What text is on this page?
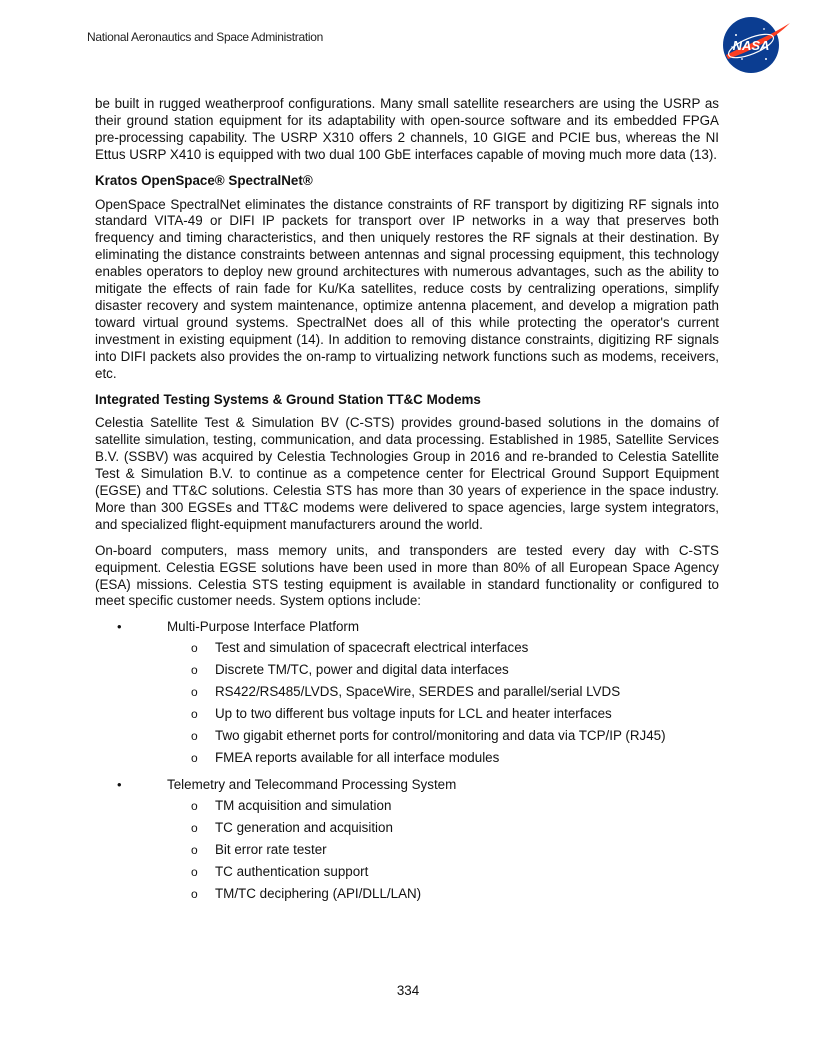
National Aeronautics and Space Administration
NASA

be built in rugged weatherproof configurations. Many small satellite researchers are using the USRP as their ground station equipment for its adaptability with open-source software and its embedded FPGA pre-processing capability. The USRP X310 offers 2 channels, 10 GIGE and PCIE bus, whereas the NI Ettus USRP X410 is equipped with two dual 100 GbE interfaces capable of moving much more data (13).

Kratos OpenSpace® SpectralNet®

OpenSpace SpectralNet eliminates the distance constraints of RF transport by digitizing RF signals into standard VITA-49 or DIFI IP packets for transport over IP networks in a way that preserves both frequency and timing characteristics, and then uniquely restores the RF signals at their destination. By eliminating the distance constraints between antennas and signal processing equipment, this technology enables operators to deploy new ground architectures with numerous advantages, such as the ability to mitigate the effects of rain fade for Ku/Ka satellites, reduce costs by centralizing operations, simplify disaster recovery and system maintenance, optimize antenna placement, and develop a migration path toward virtual ground systems. SpectralNet does all of this while protecting the operator's current investment in existing equipment (14). In addition to removing distance constraints, digitizing RF signals into DIFI packets also provides the on-ramp to virtualizing network functions such as modems, receivers, etc.

Integrated Testing Systems & Ground Station TT&C Modems

Celestia Satellite Test & Simulation BV (C-STS) provides ground-based solutions in the domains of satellite simulation, testing, communication, and data processing. Established in 1985, Satellite Services B.V. (SSBV) was acquired by Celestia Technologies Group in 2016 and re-branded to Celestia Satellite Test & Simulation B.V. to continue as a competence center for Electrical Ground Support Equipment (EGSE) and TT&C solutions. Celestia STS has more than 30 years of experience in the space industry. More than 300 EGSEs and TT&C modems were delivered to space agencies, large system integrators, and specialized flight-equipment manufacturers around the world.

On-board computers, mass memory units, and transponders are tested every day with C-STS equipment. Celestia EGSE solutions have been used in more than 80% of all European Space Agency (ESA) missions. Celestia STS testing equipment is available in standard functionality or configured to meet specific customer needs. System options include:

•	Multi-Purpose Interface Platform
o Test and simulation of spacecraft electrical interfaces
o Discrete TM/TC, power and digital data interfaces
o RS422/RS485/LVDS, SpaceWire, SERDES and parallel/serial LVDS
o Up to two different bus voltage inputs for LCL and heater interfaces
o Two gigabit ethernet ports for control/monitoring and data via TCP/IP (RJ45)
o FMEA reports available for all interface modules
•	Telemetry and Telecommand Processing System
o TM acquisition and simulation
o TC generation and acquisition
o Bit error rate tester
o TC authentication support
o TM/TC deciphering (API/DLL/LAN)
334
